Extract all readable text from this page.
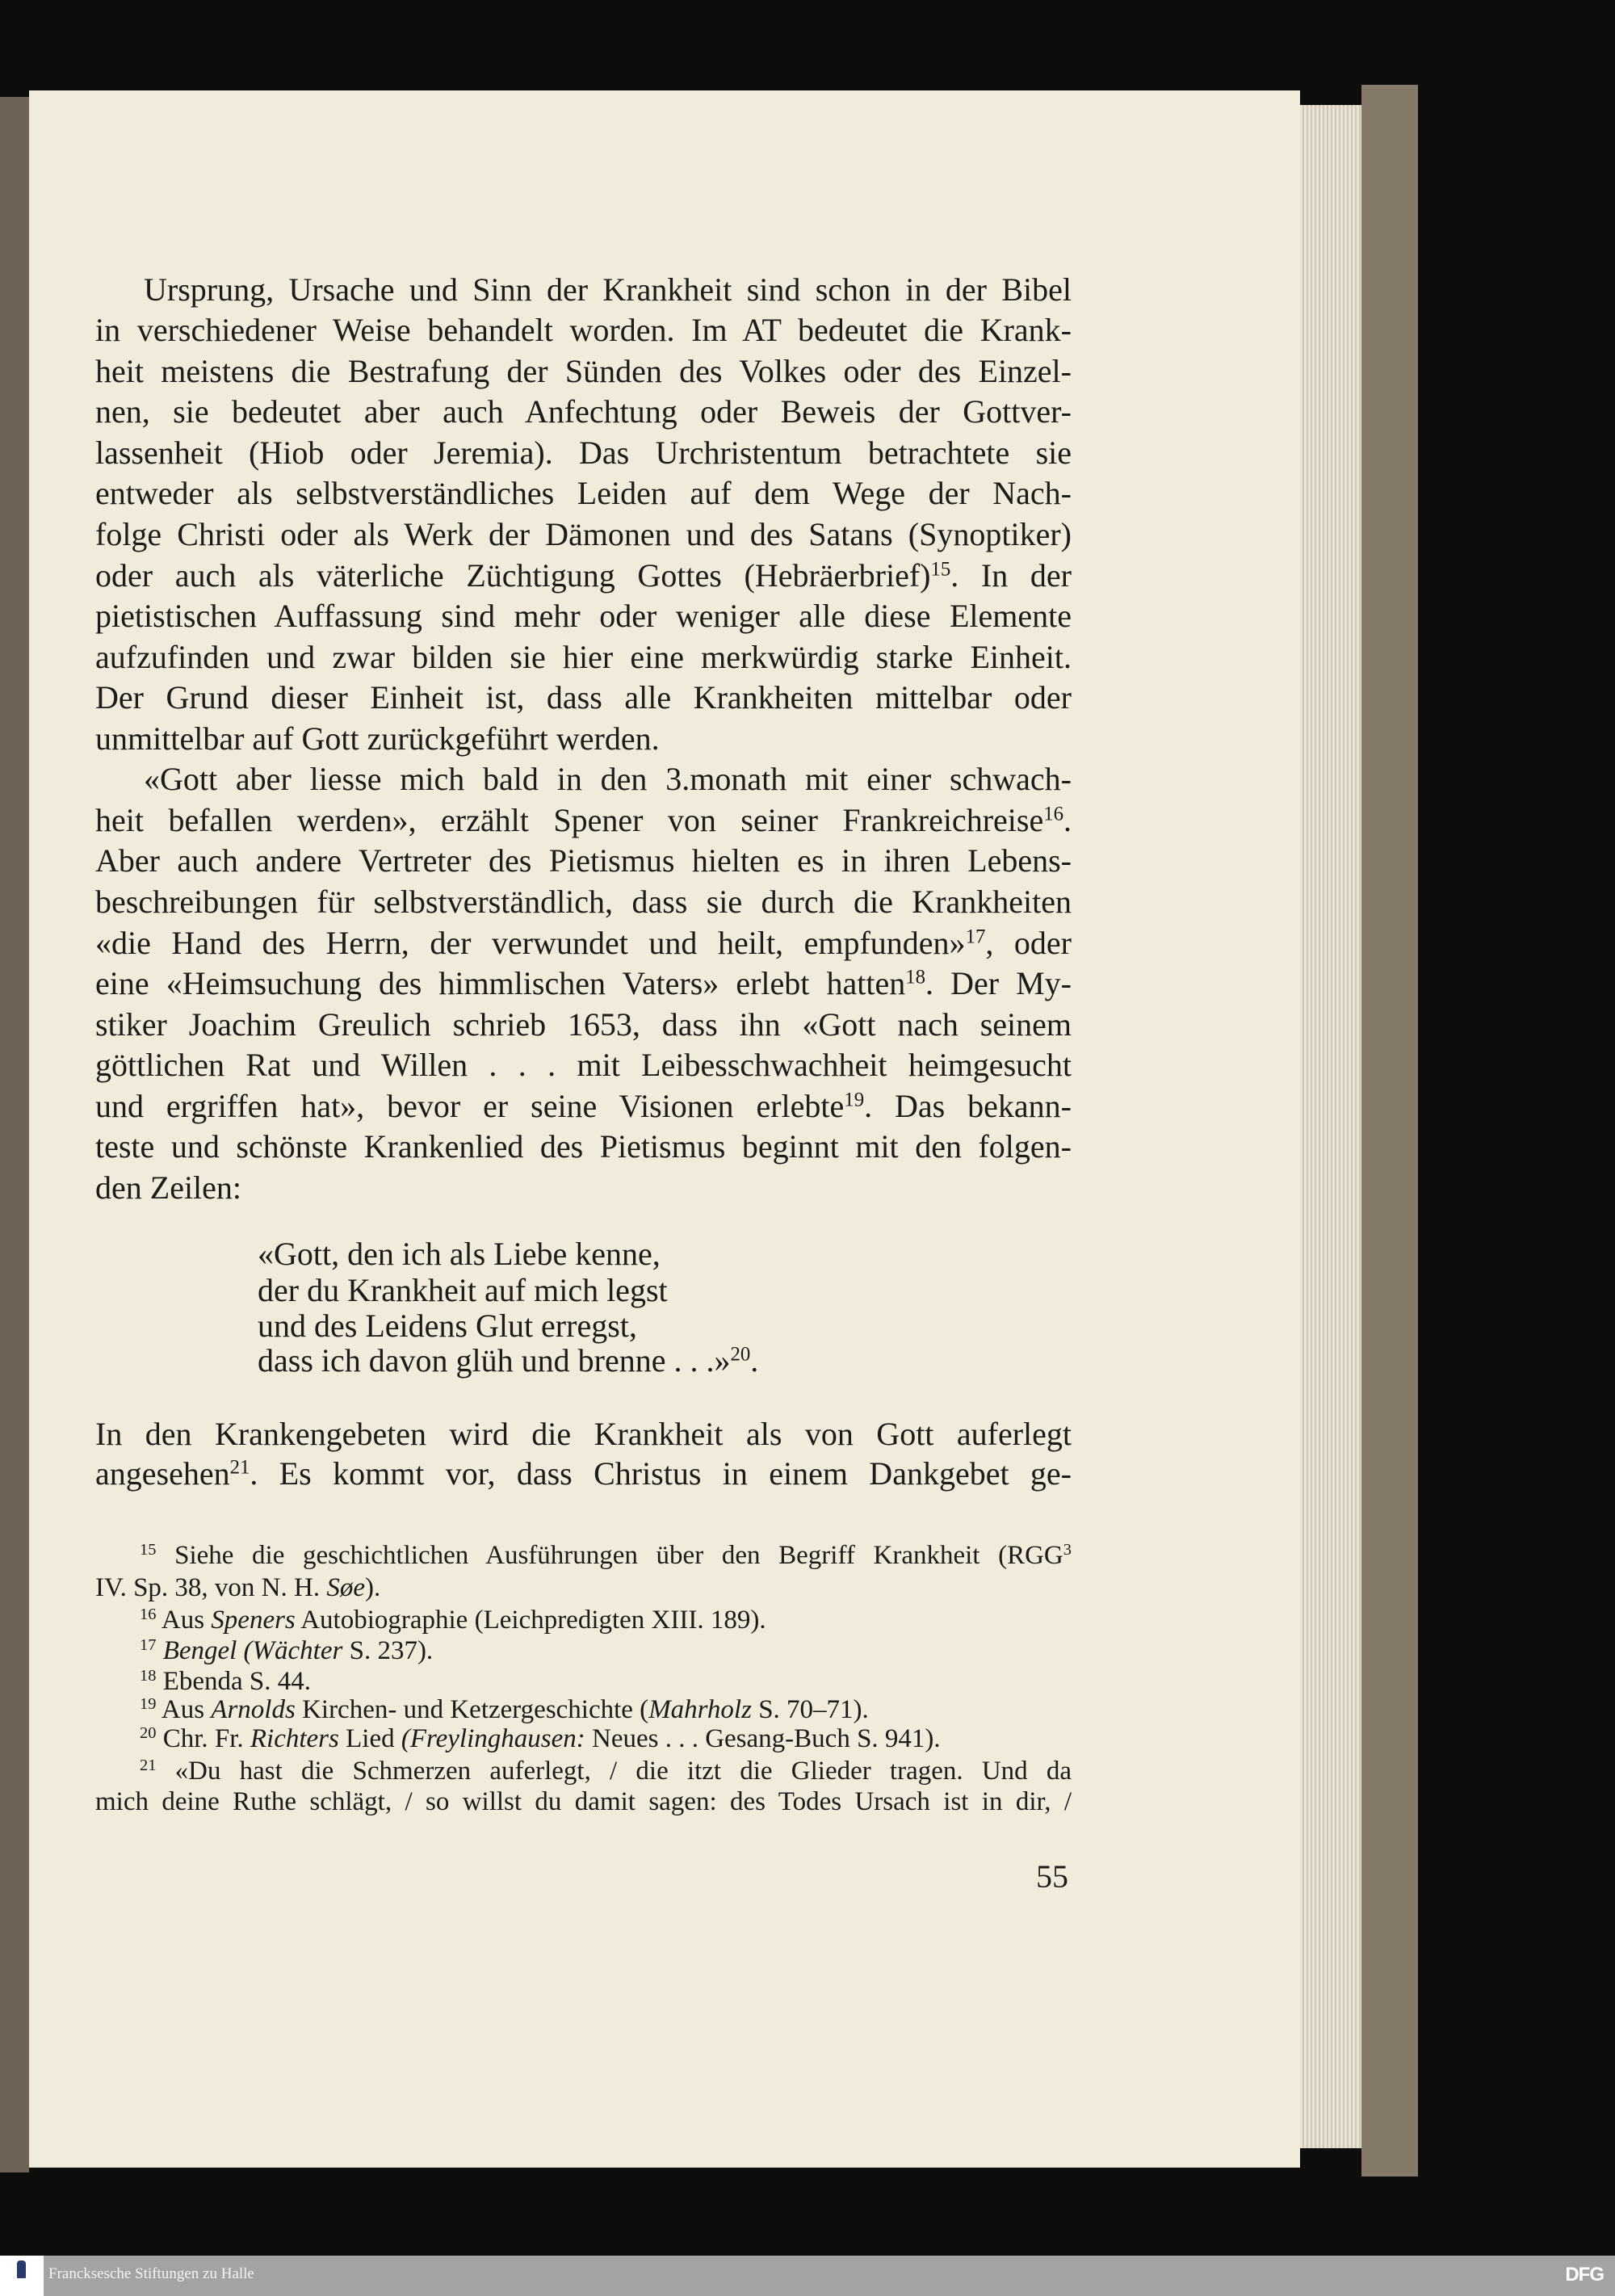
Ursprung, Ursache und Sinn der Krankheit sind schon in der Bibel
in verschiedener Weise behandelt worden. Im AT bedeutet die Krank-
heit meistens die Bestrafung der Sünden des Volkes oder des Einzel-
nen, sie bedeutet aber auch Anfechtung oder Beweis der Gottver-
lassenheit (Hiob oder Jeremia). Das Urchristentum betrachtete sie
entweder als selbstverständliches Leiden auf dem Wege der Nach-
folge Christi oder als Werk der Dämonen und des Satans (Synoptiker)
oder auch als väterliche Züchtigung Gottes (Hebräerbrief)$^{15}$. In der
pietistischen Auffassung sind mehr oder weniger alle diese Elemente
aufzufinden und zwar bilden sie hier eine merkwürdig starke Einheit.
Der Grund dieser Einheit ist, dass alle Krankheiten mittelbar oder
unmittelbar auf Gott zurückgeführt werden.
«Gott aber liesse mich bald in den 3.monath mit einer schwach-
heit befallen werden», erzählt Spener von seiner Frankreichreise$^{16}$.
Aber auch andere Vertreter des Pietismus hielten es in ihren Lebens-
beschreibungen für selbstverständlich, dass sie durch die Krankheiten
«die Hand des Herrn, der verwundet und heilt, empfunden»$^{17}$, oder
eine «Heimsuchung des himmlischen Vaters» erlebt hatten$^{18}$. Der My-
stiker Joachim Greulich schrieb 1653, dass ihn «Gott nach seinem
göttlichen Rat und Willen . . . mit Leibesschwachheit heimgesucht
und ergriffen hat», bevor er seine Visionen erlebte$^{19}$. Das bekann-
teste und schönste Krankenlied des Pietismus beginnt mit den folgen-
den Zeilen:
«Gott, den ich als Liebe kenne,
der du Krankheit auf mich legst
und des Leidens Glut erregst,
dass ich davon glüh und brenne . . .»$^{20}$.
In den Krankengebeten wird die Krankheit als von Gott auferlegt
angesehen$^{21}$. Es kommt vor, dass Christus in einem Dankgebet ge-
$^{15}$ Siehe die geschichtlichen Ausführungen über den Begriff Krankheit (RGG$^3$
IV. Sp. 38, von N. H. Søe).
$^{16}$ Aus Speners Autobiographie (Leichpredigten XIII. 189).
$^{17}$ Bengel (Wächter S. 237).
$^{18}$ Ebenda S. 44.
$^{19}$ Aus Arnolds Kirchen- und Ketzergeschichte (Mahrholz S. 70–71).
$^{20}$ Chr. Fr. Richters Lied (Freylinghausen: Neues . . . Gesang-Buch S. 941).
$^{21}$ «Du hast die Schmerzen auferlegt, / die itzt die Glieder tragen. Und da
mich deine Ruthe schlägt, / so willst du damit sagen: des Todes Ursach ist in dir, /
55
Francksesche Stiftungen zu Halle	DFG
